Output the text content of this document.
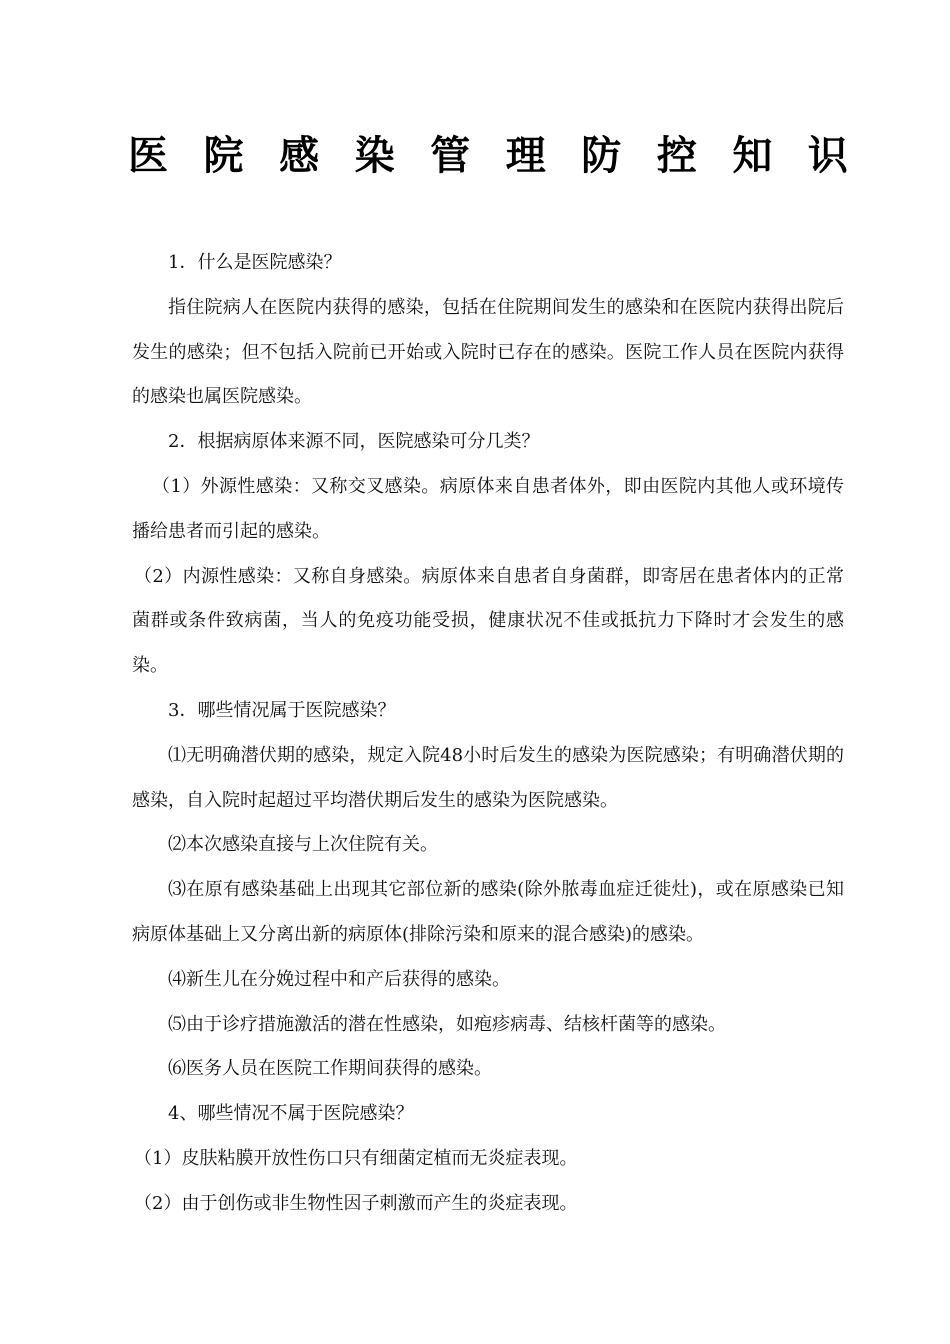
医 院 感 染 管 理 防 控 知 识

1．什么是医院感染？

指住院病人在医院内获得的感染，包括在住院期间发生的感染和在医院内获得出院后发生的感染；但不包括入院前已开始或入院时已存在的感染。医院工作人员在医院内获得的感染也属医院感染。

2．根据病原体来源不同，医院感染可分几类？

（1）外源性感染：又称交叉感染。病原体来自患者体外，即由医院内其他人或环境传播给患者而引起的感染。

（2）内源性感染：又称自身感染。病原体来自患者自身菌群，即寄居在患者体内的正常菌群或条件致病菌，当人的免疫功能受损，健康状况不佳或抵抗力下降时才会发生的感染。

3．哪些情况属于医院感染？

⑴无明确潜伏期的感染，规定入院48小时后发生的感染为医院感染；有明确潜伏期的感染，自入院时起超过平均潜伏期后发生的感染为医院感染。

⑵本次感染直接与上次住院有关。

⑶在原有感染基础上出现其它部位新的感染(除外脓毒血症迁徙灶)，或在原感染已知病原体基础上又分离出新的病原体(排除污染和原来的混合感染)的感染。

⑷新生儿在分娩过程中和产后获得的感染。

⑸由于诊疗措施激活的潜在性感染，如疱疹病毒、结核杆菌等的感染。

⑹医务人员在医院工作期间获得的感染。

4、哪些情况不属于医院感染？

（1）皮肤粘膜开放性伤口只有细菌定植而无炎症表现。

（2）由于创伤或非生物性因子刺激而产生的炎症表现。
